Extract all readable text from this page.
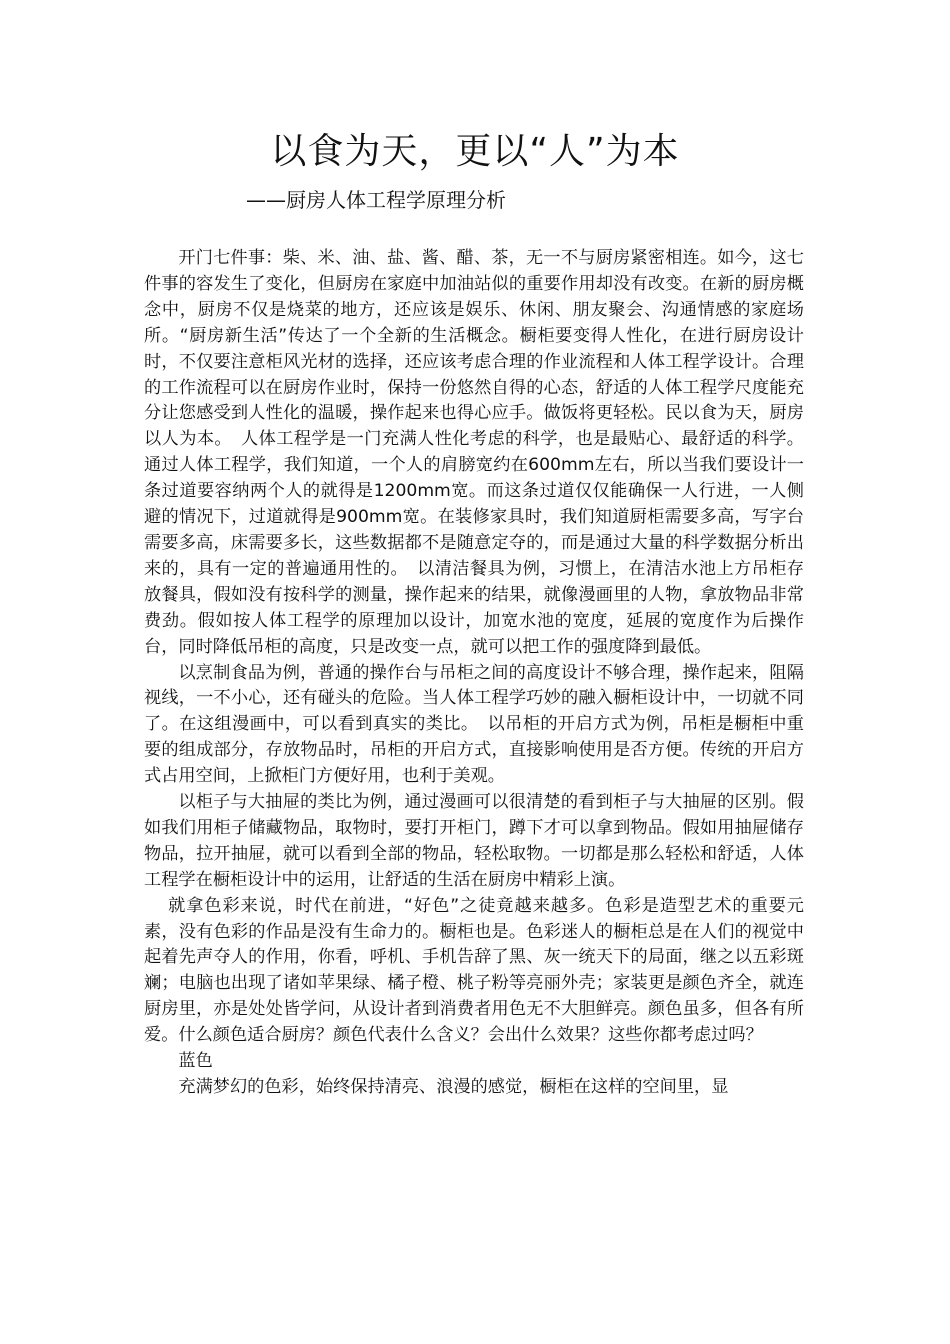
以食为天，更以“人”为本
——厨房人体工程学原理分析

开门七件事：柴、米、油、盐、酱、醋、茶，无一不与厨房紧密相连。如今，这七件事的容发生了变化，但厨房在家庭中加油站似的重要作用却没有改变。在新的厨房概念中，厨房不仅是烧菜的地方，还应该是娱乐、休闲、朋友聚会、沟通情感的家庭场所。“厨房新生活”传达了一个全新的生活概念。橱柜要变得人性化，在进行厨房设计时，不仅要注意柜风光材的选择，还应该考虑合理的作业流程和人体工程学设计。合理的工作流程可以在厨房作业时，保持一份悠然自得的心态，舒适的人体工程学尺度能充分让您感受到人性化的温暖，操作起来也得心应手。做饭将更轻松。民以食为天，厨房以人为本。　人体工程学是一门充满人性化考虑的科学，也是最贴心、最舒适的科学。通过人体工程学，我们知道，一个人的肩膀宽约在600mm左右，所以当我们要设计一条过道要容纳两个人的就得是1200mm宽。而这条过道仅仅能确保一人行进，一人侧避的情况下，过道就得是900mm宽。在装修家具时，我们知道厨柜需要多高，写字台需要多高，床需要多长，这些数据都不是随意定夺的，而是通过大量的科学数据分析出来的，具有一定的普遍通用性的。　以清洁餐具为例，习惯上，在清洁水池上方吊柜存放餐具，假如没有按科学的测量，操作起来的结果，就像漫画里的人物，拿放物品非常费劲。假如按人体工程学的原理加以设计，加宽水池的宽度，延展的宽度作为后操作台，同时降低吊柜的高度，只是改变一点，就可以把工作的强度降到最低。

以烹制食品为例，普通的操作台与吊柜之间的高度设计不够合理，操作起来，阻隔视线，一不小心，还有碰头的危险。当人体工程学巧妙的融入橱柜设计中，一切就不同了。在这组漫画中，可以看到真实的类比。　以吊柜的开启方式为例，吊柜是橱柜中重要的组成部分，存放物品时，吊柜的开启方式，直接影响使用是否方便。传统的开启方式占用空间，上掀柜门方便好用，也利于美观。

以柜子与大抽屉的类比为例，通过漫画可以很清楚的看到柜子与大抽屉的区别。假如我们用柜子储藏物品，取物时，要打开柜门，蹲下才可以拿到物品。假如用抽屉储存物品，拉开抽屉，就可以看到全部的物品，轻松取物。一切都是那么轻松和舒适，人体工程学在橱柜设计中的运用，让舒适的生活在厨房中精彩上演。

就拿色彩来说，时代在前进，“好色”之徒竟越来越多。色彩是造型艺术的重要元素，没有色彩的作品是没有生命力的。橱柜也是。色彩迷人的橱柜总是在人们的视觉中起着先声夺人的作用，你看，呼机、手机告辞了黑、灰一统天下的局面，继之以五彩斑斓；电脑也出现了诸如苹果绿、橘子橙、桃子粉等亮丽外壳；家装更是颜色齐全，就连厨房里，亦是处处皆学问，从设计者到消费者用色无不大胆鲜亮。颜色虽多，但各有所爱。什么颜色适合厨房？颜色代表什么含义？会出什么效果？这些你都考虑过吗？

蓝色

充满梦幻的色彩，始终保持清亮、浪漫的感觉，橱柜在这样的空间里，显
